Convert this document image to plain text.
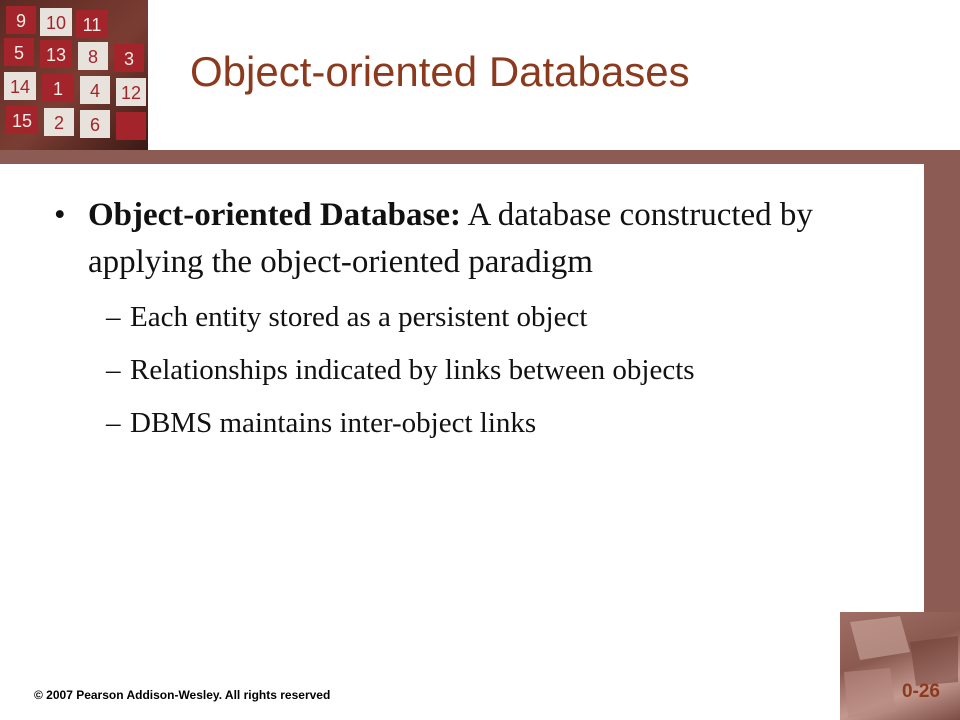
9 10 11
5 13 8 3
14 1 4 12
15 2 6
Object-oriented Databases
• Object-oriented Database: A database constructed by applying the object-oriented paradigm
– Each entity stored as a persistent object
– Relationships indicated by links between objects
– DBMS maintains inter-object links
© 2007 Pearson Addison-Wesley. All rights reserved	0-26
